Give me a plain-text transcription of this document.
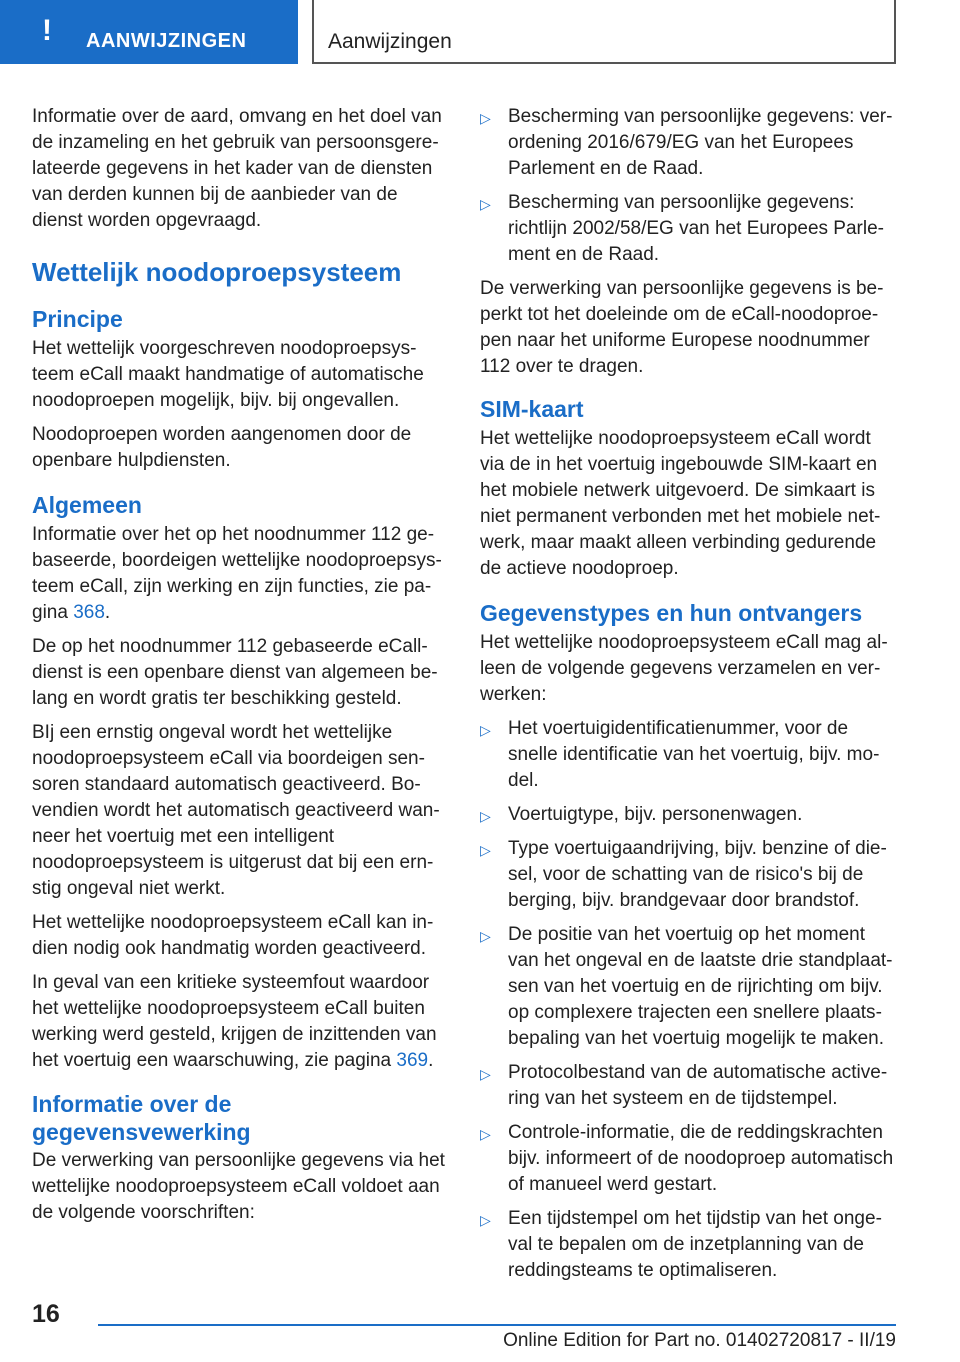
! AANWIJZINGEN	Aanwijzingen

Informatie over de aard, omvang en het doel van de inzameling en het gebruik van persoonsgerelateerde gegevens in het kader van de diensten van derden kunnen bij de aanbieder van de dienst worden opgevraagd.

Wettelijk noodoproepsysteem
Principe

Het wettelijk voorgeschreven noodoproepsysteem eCall maakt handmatige of automatische noodoproepen mogelijk, bijv. bij ongevallen.

Noodoproepen worden aangenomen door de openbare hulpdiensten.

Algemeen

Informatie over het op het noodnummer 112 gebaseerde, boordeigen wettelijke noodoproepsysteem eCall, zijn werking en zijn functies, zie pagina 368.

De op het noodnummer 112 gebaseerde eCall-dienst is een openbare dienst van algemeen belang en wordt gratis ter beschikking gesteld.

BIj een ernstig ongeval wordt het wettelijke noodoproepsysteem eCall via boordeigen sensoren standaard automatisch geactiveerd. Bovendien wordt het automatisch geactiveerd wanneer het voertuig met een intelligent noodoproepsysteem is uitgerust dat bij een ernstig ongeval niet werkt.

Het wettelijke noodoproepsysteem eCall kan indien nodig ook handmatig worden geactiveerd.

In geval van een kritieke systeemfout waardoor het wettelijke noodoproepsysteem eCall buiten werking werd gesteld, krijgen de inzittenden van het voertuig een waarschuwing, zie pagina 369.

Informatie over de gegevensvewerking

De verwerking van persoonlijke gegevens via het wettelijke noodoproepsysteem eCall voldoet aan de volgende voorschriften:

▷ Bescherming van persoonlijke gegevens: verordening 2016/679/EG van het Europees Parlement en de Raad.
▷ Bescherming van persoonlijke gegevens: richtlijn 2002/58/EG van het Europees Parlement en de Raad.

De verwerking van persoonlijke gegevens is beperkt tot het doeleinde om de eCall-noodoproepen naar het uniforme Europese noodnummer 112 over te dragen.

SIM-kaart

Het wettelijke noodoproepsysteem eCall wordt via de in het voertuig ingebouwde SIM-kaart en het mobiele netwerk uitgevoerd. De simkaart is niet permanent verbonden met het mobiele netwerk, maar maakt alleen verbinding gedurende de actieve noodoproep.

Gegevenstypes en hun ontvangers

Het wettelijke noodoproepsysteem eCall mag alleen de volgende gegevens verzamelen en verwerken:

▷ Het voertuigidentificatienummer, voor de snelle identificatie van het voertuig, bijv. model.
▷ Voertuigtype, bijv. personenwagen.
▷ Type voertuigaandrijving, bijv. benzine of diesel, voor de schatting van de risico's bij de berging, bijv. brandgevaar door brandstof.
▷ De positie van het voertuig op het moment van het ongeval en de laatste drie standplaatsen van het voertuig en de rijrichting om bijv. op complexere trajecten een snellere plaatsbepaling van het voertuig mogelijk te maken.
▷ Protocolbestand van de automatische activering van het systeem en de tijdstempel.
▷ Controle-informatie, die de reddingskrachten bijv. informeert of de noodoproep automatisch of manueel werd gestart.
▷ Een tijdstempel om het tijdstip van het ongeval te bepalen om de inzetplanning van de reddingsteams te optimaliseren.
16
Online Edition for Part no. 01402720817 - II/19
